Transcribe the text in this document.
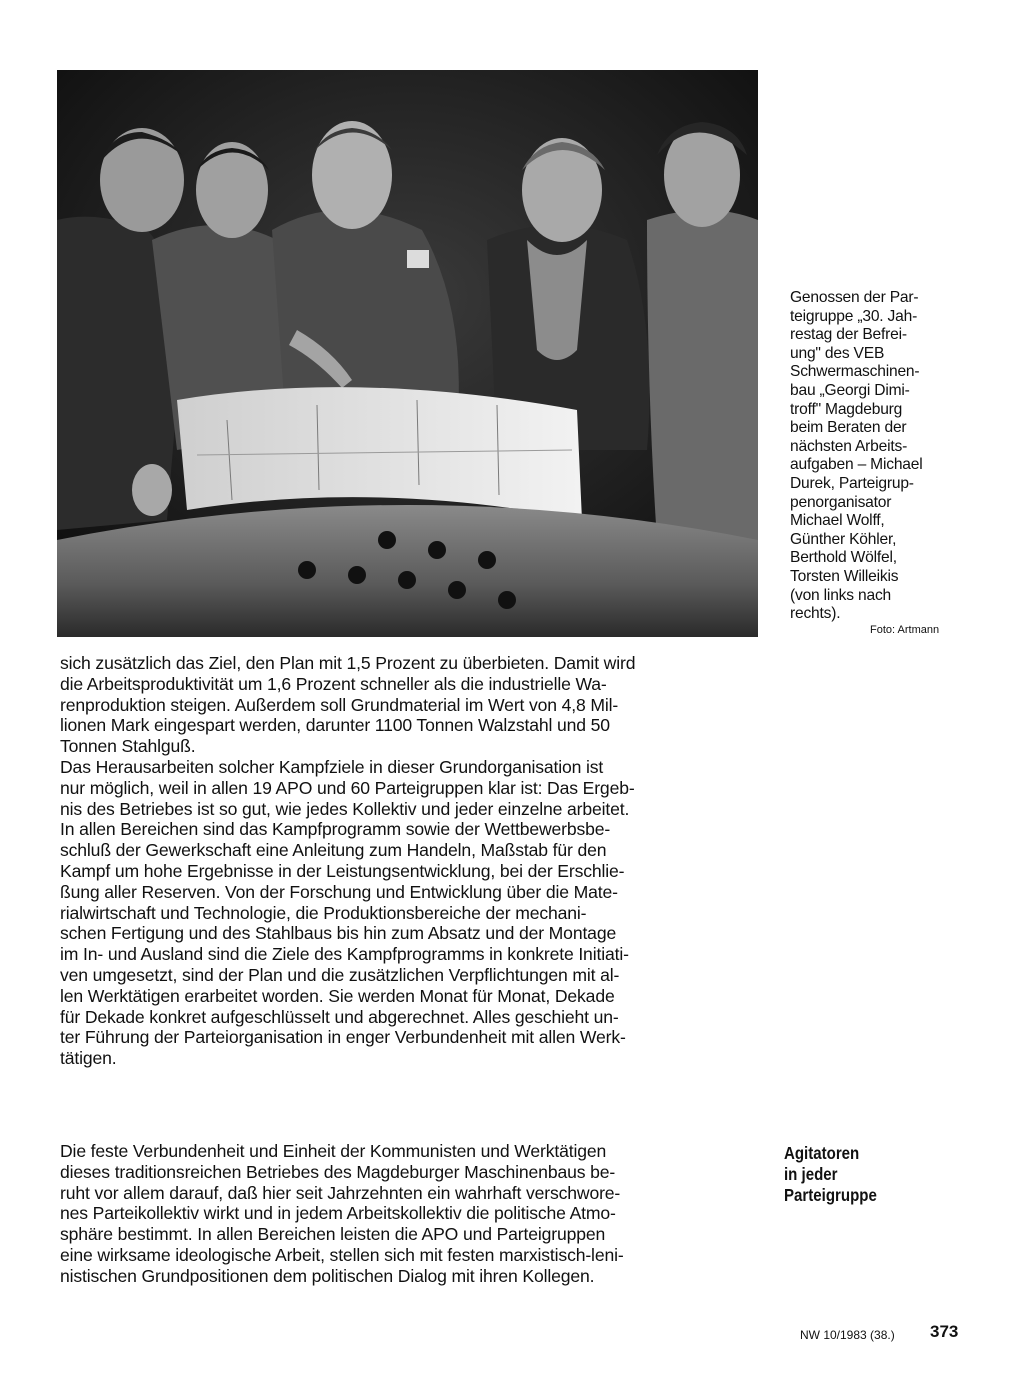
Genossen der Par-

teigruppe „30. Jah-

restag der Befrei-

ung" des VEB

Schwermaschinen-

bau „Georgi Dimi-

troff" Magdeburg

beim Beraten der

nächsten Arbeits-

aufgaben – Michael

Durek, Parteigrup-

penorganisator

Michael Wolff,

Günther Köhler,

Berthold Wölfel,

Torsten Willeikis

(von links nach

rechts).

Foto: Artmann

sich zusätzlich das Ziel, den Plan mit 1,5 Prozent zu überbieten. Damit wird

die Arbeitsproduktivität um 1,6 Prozent schneller als die industrielle Wa-

renproduktion steigen. Außerdem soll Grundmaterial im Wert von 4,8 Mil-

lionen Mark eingespart werden, darunter 1100 Tonnen Walzstahl und 50

Tonnen Stahlguß.

Das Herausarbeiten solcher Kampfziele in dieser Grundorganisation ist

nur möglich, weil in allen 19 APO und 60 Parteigruppen klar ist: Das Ergeb-

nis des Betriebes ist so gut, wie jedes Kollektiv und jeder einzelne arbeitet.

In allen Bereichen sind das Kampfprogramm sowie der Wettbewerbsbe-

schluß der Gewerkschaft eine Anleitung zum Handeln, Maßstab für den

Kampf um hohe Ergebnisse in der Leistungsentwicklung, bei der Erschlie-

ßung aller Reserven. Von der Forschung und Entwicklung über die Mate-

rialwirtschaft und Technologie, die Produktionsbereiche der mechani-

schen Fertigung und des Stahlbaus bis hin zum Absatz und der Montage

im In- und Ausland sind die Ziele des Kampfprogramms in konkrete Initiati-

ven umgesetzt, sind der Plan und die zusätzlichen Verpflichtungen mit al-

len Werktätigen erarbeitet worden. Sie werden Monat für Monat, Dekade

für Dekade konkret aufgeschlüsselt und abgerechnet. Alles geschieht un-

ter Führung der Parteiorganisation in enger Verbundenheit mit allen Werk-

tätigen.

Die feste Verbundenheit und Einheit der Kommunisten und Werktätigen

dieses traditionsreichen Betriebes des Magdeburger Maschinenbaus be-

ruht vor allem darauf, daß hier seit Jahrzehnten ein wahrhaft verschwore-

nes Parteikollektiv wirkt und in jedem Arbeitskollektiv die politische Atmo-

sphäre bestimmt. In allen Bereichen leisten die APO und Parteigruppen

eine wirksame ideologische Arbeit, stellen sich mit festen marxistisch-leni-

nistischen Grundpositionen dem politischen Dialog mit ihren Kollegen.

Agitatoren

in jeder

Parteigruppe

NW 10/1983 (38.) 373
